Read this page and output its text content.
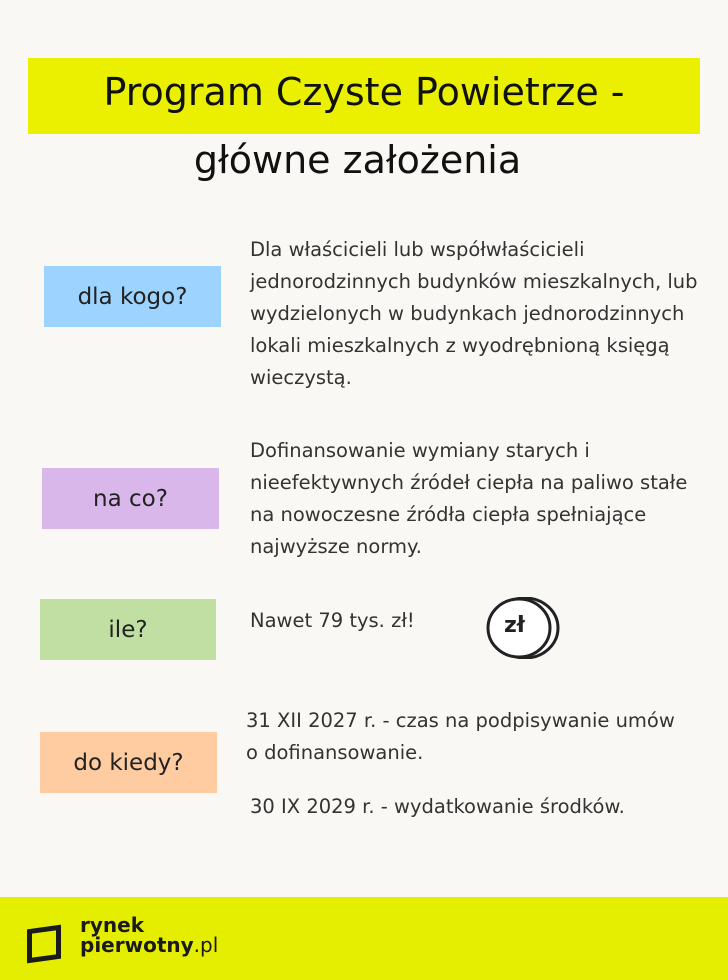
Program Czyste Powietrze -
główne założenia
dla kogo?
Dla właścicieli lub współwłaścicieli jednorodzinnych budynków mieszkalnych, lub wydzielonych w budynkach jednorodzinnych lokali mieszkalnych z wyodrębnioną księgą wieczystą.
na co?
Dofinansowanie wymiany starych i nieefektywnych źródeł ciepła na paliwo stałe na nowoczesne źródła ciepła spełniające najwyższe normy.
ile?	Nawet 79 tys. zł!	zł
do kiedy?
31 XII 2027 r. - czas na podpisywanie umów o dofinansowanie.
30 IX 2029 r. - wydatkowanie środków.
rynek
pierwotny.pl
